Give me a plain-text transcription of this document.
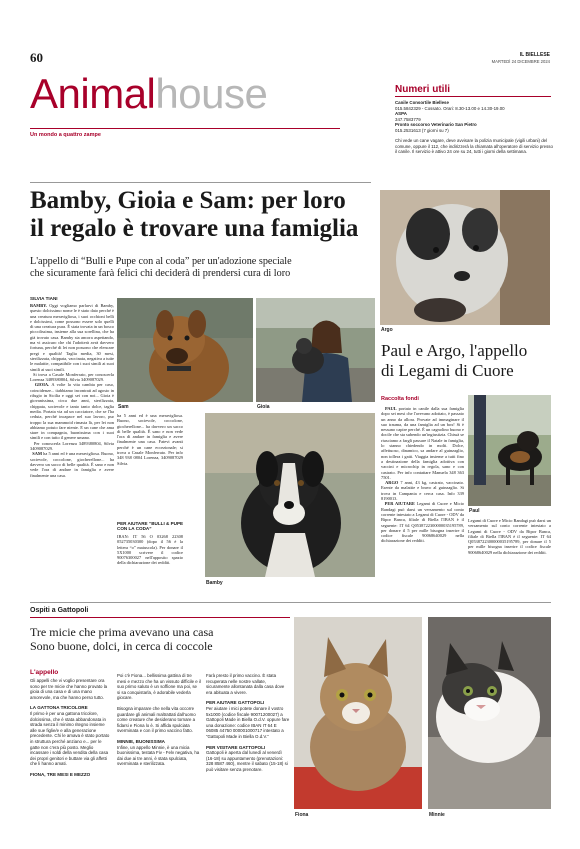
60	IL BIELLESE
MARTEDÌ 24 DICEMBRE 2024
Animalhouse
Un mondo a quattro zampe
Numeri utili
Canile Consortile Biellese
015.5842329 - Cossato. Orari: 8.30-13.00 e 14.30-19.00
ASPA
347.7583779
Pronto soccorso Veterinario San Pietro
015.2531613 (7 giorni su 7)
Chi vede un cane vagare, deve avvisare la polizia municipale (vigili urbani) del comune, oppure il 112, che indirizzerà la chiamata all'operatore di servizio presso il canile. Il servizio è attivo 24 ore su 24, tutti i giorni della settimana.
Bamby, Gioia e Sam: per loro
il regalo è trovare una famiglia
L'appello di “Bulli e Pupe con al coda” per un'adozione speciale
che sicuramente farà felici chi deciderà di prendersi cura di loro
SILVIA TIANI
BAMBY. Oggi vogliamo parlarvi di Bamby, questo dolcissimo nome le è stato dato perché è una creatura meravigliosa, i suoi occhioni belli e dolcissimi, come possono essere solo quelli di una creatura pura. È stata trovata in un bosco piccolissima, insieme alla sua sorellina, che ha già trovato casa. Bamby sta ancora aspettando, ma vi assicuro che chi l'adotterà avrà davvero fortuna, perché di lei non possono che elencare pregi e qualità! Taglia media, 30 mesi, sterilizzata, chippata, vaccinata, negativa a tutte le malattie, compatibile con i suoi simili ai suoi simili ai suoi simili.
Si trova a Casale Monferrato, per conoscerla Lorenza 3489380804, Silvia 3409087029.
GIOIA. A volte la vita cambia per caso, coincidenze... tiabbiamo incontrati ad agosto in rifugio in Sicilia e oggi sei con noi... Gioia è giovanissima, circa due anni, sterilizzata, chippata, socievole e tanto tanto dolce, taglia media. Portata via ad un cacciatore, che se l'ha ceduta, perché incapace nel suo lavoro, pur troppo la sua mammoid rimasta là, per lei non abbiamo potuto fare niente. E un cane che ama stare in compagnia, buonissima con i suoi simili e con tutto il genere umano.
Per conoscerla Lorenza 3489380804, Silvia 3409087029.
SAM ha 5 anni ed è una meravigliosa. Buono, socievole, coccolone, giocherellone... ha davvero un sacco di belle qualità. È sano e non vede l'ora di andare in famiglia e avere finalmente una casa.
Sam	Gioia
ha 5 anni ed è una meravigliosa. Buono, socievole, coccolone, giocherellone... ha davvero un sacco di belle qualità. È sano e non vede l'ora di andare in famiglia e avere finalmente una casa. Fatevi avanti perché è un cane eccezionale; si trova a Casale Monferrato. Per info 348 938 0804 Lorenza, 3409087029 Silvia.
PER AIUTARE “BULLI & PUPE CON LA CODA”
IBAN: IT 56 O 03268 22308 052735030300 (dopo il 56 è la lettera “o” maiuscola). Per donare il 5X1000 scrivere il codice 90076300027 nell'apposito spazio della dichiarazione dei redditi.
Bamby
Argo
Paul e Argo, l'appello
di Legami di Cuore
Raccolta fondi
PAUL portato in canile dalla sua famiglia dopo sei mesi che l'avevano adottato, è passato un anno da allora. Provate ad immaginare il suo trauma, da una famiglia ad un box! Si è nessuno capire perché. È un cagnolino buono e docile che sta subendo un'ingiustizia. Chissà se riusciamo a fargli passare il Natale in famiglia, lo stanno chiedendo in molti. Dolce, affettuoso, dinamico, sa andare al guinzaglio, non tollera i gatti. Viaggia insieme a tutti fino a destinazione della famiglia adottiva con vaccini e microchip in regola, sano e con castrato. Per info contattare Manuela 348 363 7501.
ARGO 7 anni, 43 kg, castrato, vaccinato. Esente da malattie e bravo al guinzaglio. Si trova in Campania e cerca casa. Info 339 8190013.
PER AIUTARE Legami di Cuore e Micio Randagi può darsi un versamento sul conto corrente intestato a Legami di Cuore - ODV da Bipor Banca, filiale di Biella l'IBAN è il seguente: IT 64 Q0538722300000035195789, per donare il 5 per mille bisogna inserire il codice fiscale 90068640029 nella dichiarazione dei redditi.
Paul
Legami di Cuore e Micio Randagi può darsi un versamento sul conto corrente intestato a Legami di Cuore - ODV da Bipor Banca, filiale di Biella l'IBAN è il seguente: IT 64 Q0538722300000035195789, per donare il 5 per mille bisogna inserire il codice fiscale 90068640029 nella dichiarazione dei redditi.
Ospiti a Gattopoli
Tre micie che prima avevano una casa
Sono buone, dolci, in cerca di coccole
L'appello
Gli appelli che vi voglio presentare ora sono per tre micie che hanno provato la gioia di una casa e di una mano amorevole, ma che hanno perso tutto.
LA GATTONA TRICOLORE
Il primo è per una gattona tricolore, dolcissima, che è stata abbandonata in strada senza il minimo ritegno insieme alle sue figlie/e e alla generazione precedente. Chi le amava è stato portato in struttura perché anziano e... per le gatte non c'era più posto. Meglio incassare i soldi della vendita della casa dei propri genitori e buttare via gli affetti che li hanno amati.
FIONA, TRE MESI E MEZZO
Poi c'è Fiona... bellissima gattina di tre mesi e mezzo che ha un vissuto difficile e il suo primo saluto è un soffione ma poi, se si sa conquistarla, è adorabile vederla giocare.
Bisogna imparare che nella vita occorre guardare gli animali maltrattati dall'uomo come creature che desiderano tornare a fidarsi e Fiona lo è. Si affida spulciata sverminata e con il primo vaccino fatto.
MINNIE, BUONISSIMA
Infine, un appello Minnie, è una micia buonissima, testata Fiv - Felv negativa, ha dai due ai tre anni, è stata spulciata, sverminata e sterilizzata.
Farà presto il primo vaccino. È stata recuperata nelle nostre vallate, sicuramente allontanata dalla casa dove era abituata a vivere.
PER AIUTARE GATTOPOLI
Per aiutare i mici potete donare il vostro 5x1000 (codice fiscale 90071200027) a Gattopoli Made in Biella O.d.V. oppure fare una donazione: codice IBAN IT 64 E 06085 44750 000001000717 intestato a “Gattopoli Made in Biella O.d.V.”
PER VISITARE GATTOPOLI
Gattopoli è aperta dal lunedì al venerdì (16-18) su appuntamento (prenotazioni: 328 8587 460), mentre il sabato (15-18) si può visitare senza prenotare.
Fiona	Minnie
